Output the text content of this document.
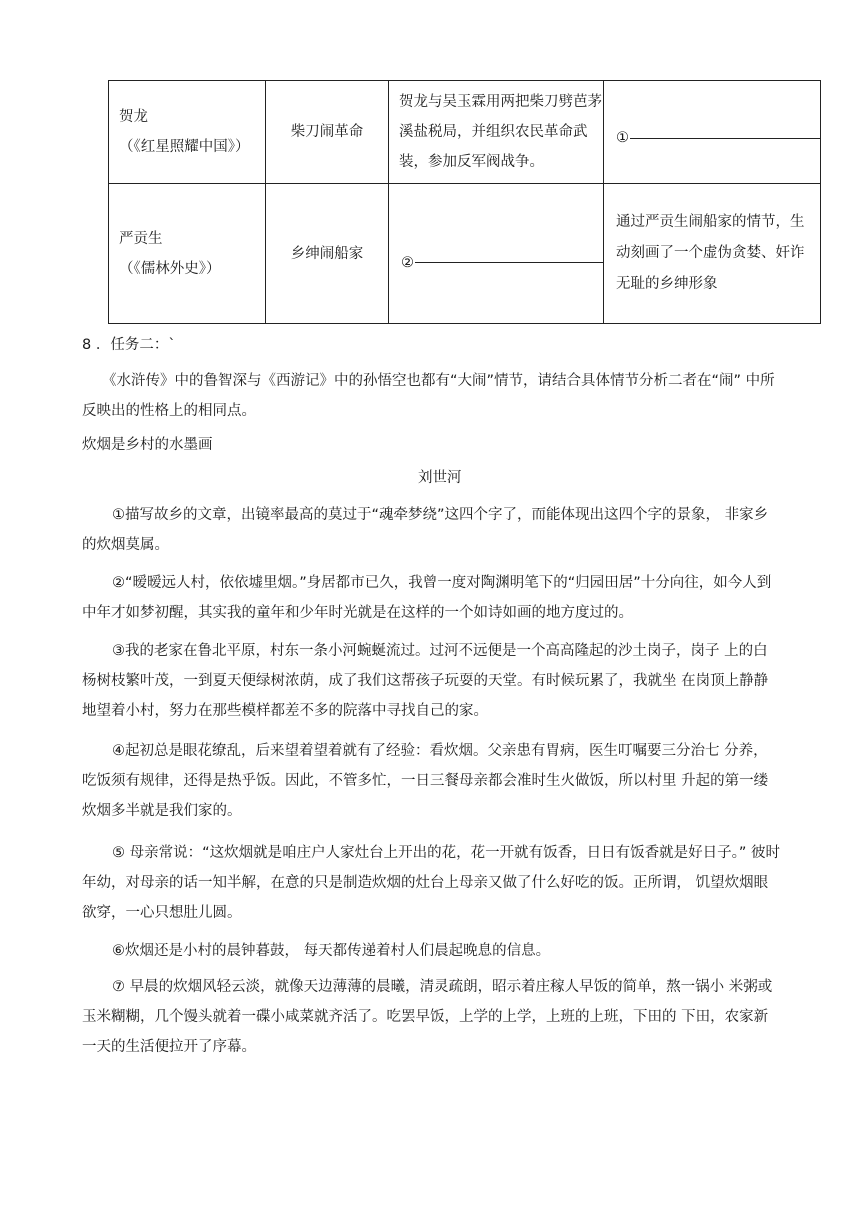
贺龙
（《红星照耀中国》）	柴刀闹革命	贺龙与吴玉霖用两把柴刀劈芭茅溪盐税局，并组织农民革命武装，参加反军阀战争。	①

严贡生
（《儒林外史》）	乡绅闹船家	②	通过严贡生闹船家的情节，生动刻画了一个虚伪贪婪、奸诈无耻的乡绅形象
8 ．任务二：`
《水浒传》中的鲁智深与《西游记》中的孙悟空也都有“大闹”情节，请结合具体情节分析二者在“闹” 中所反映出的性格上的相同点。
炊烟是乡村的水墨画
刘世河
①描写故乡的文章，出镜率最高的莫过于“魂牵梦绕”这四个字了，而能体现出这四个字的景象， 非家乡的炊烟莫属。
②“暧暧远人村，依依墟里烟。”身居都市已久，我曾一度对陶渊明笔下的“归园田居”十分向往，如今人到中年才如梦初醒，其实我的童年和少年时光就是在这样的一个如诗如画的地方度过的。
③我的老家在鲁北平原，村东一条小河蜿蜒流过。过河不远便是一个高高隆起的沙土岗子，岗子 上的白杨树枝繁叶茂，一到夏天便绿树浓荫，成了我们这帮孩子玩耍的天堂。有时候玩累了，我就坐 在岗顶上静静地望着小村，努力在那些模样都差不多的院落中寻找自己的家。
④起初总是眼花缭乱，后来望着望着就有了经验：看炊烟。父亲患有胃病，医生叮嘱要三分治七 分养，吃饭须有规律，还得是热乎饭。因此，不管多忙，一日三餐母亲都会准时生火做饭，所以村里 升起的第一缕炊烟多半就是我们家的。
⑤ 母亲常说：“这炊烟就是咱庄户人家灶台上开出的花，花一开就有饭香，日日有饭香就是好日子。” 彼时年幼，对母亲的话一知半解，在意的只是制造炊烟的灶台上母亲又做了什么好吃的饭。正所谓， 饥望炊烟眼欲穿，一心只想肚儿圆。
⑥炊烟还是小村的晨钟暮鼓， 每天都传递着村人们晨起晚息的信息。
⑦ 早晨的炊烟风轻云淡，就像天边薄薄的晨曦，清灵疏朗，昭示着庄稼人早饭的简单，熬一锅小 米粥或玉米糊糊，几个馒头就着一碟小咸菜就齐活了。吃罢早饭，上学的上学，上班的上班，下田的 下田，农家新一天的生活便拉开了序幕。
